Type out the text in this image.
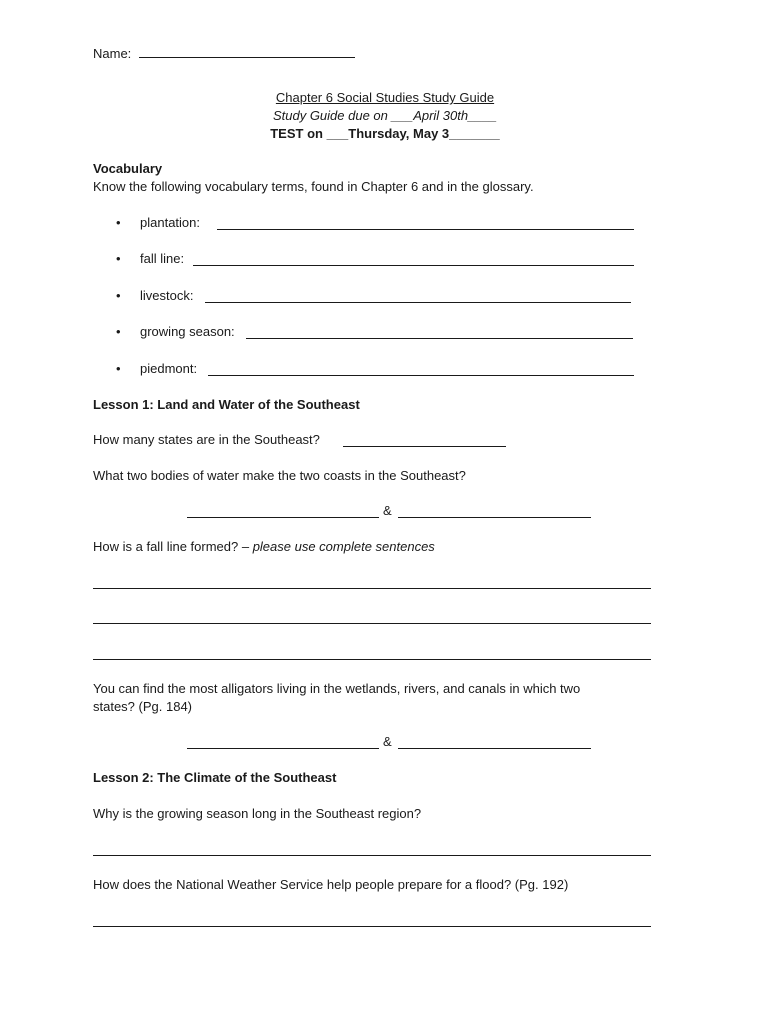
Name:
Chapter 6 Social Studies Study Guide
Study Guide due on ___April 30th____
TEST on ___Thursday, May 3_______
Vocabulary
Know the following vocabulary terms, found in Chapter 6 and in the glossary.
• plantation:
• fall line:
• livestock:
• growing season:
• piedmont:
Lesson 1: Land and Water of the Southeast
How many states are in the Southeast?
What two bodies of water make the two coasts in the Southeast?
&
How is a fall line formed? – please use complete sentences
You can find the most alligators living in the wetlands, rivers, and canals in which two
states? (Pg. 184)
&
Lesson 2: The Climate of the Southeast
Why is the growing season long in the Southeast region?
How does the National Weather Service help people prepare for a flood? (Pg. 192)
